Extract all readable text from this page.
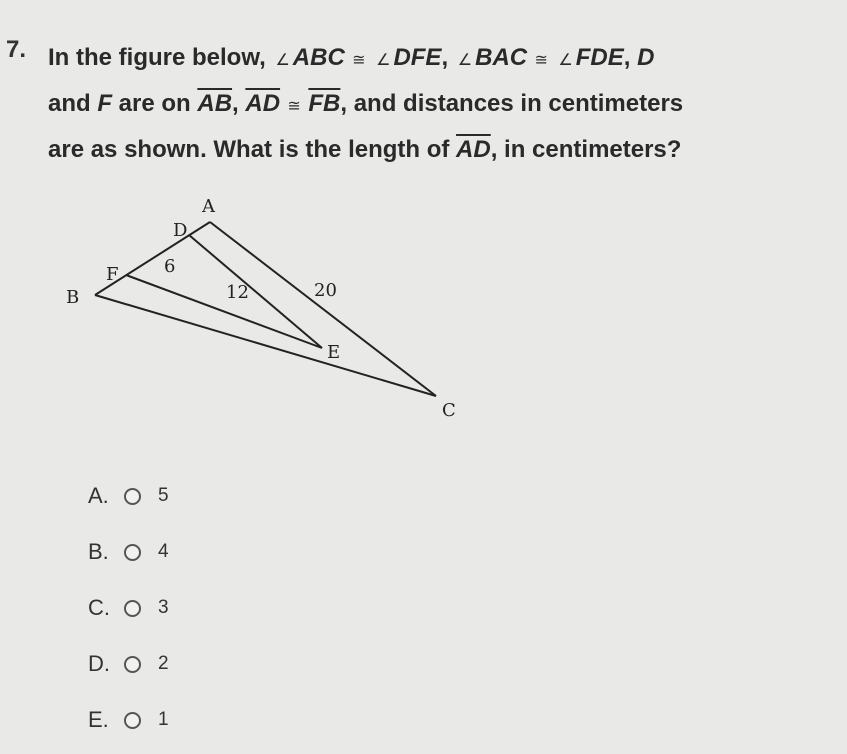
7. In the figure below, ∠ ABC ≅ ∠ DFE, ∠ BAC ≅ ∠ FDE, D
and F are on $\overline{AB}$, $\overline{AD}$ ≅ $\overline{FB}$, and distances in centimeters
are as shown. What is the length of $\overline{AD}$, in centimeters?
A
D
F
B
E
C
6
12	20
A.	5
B.	4
C.	3
D.	2
E.	1
